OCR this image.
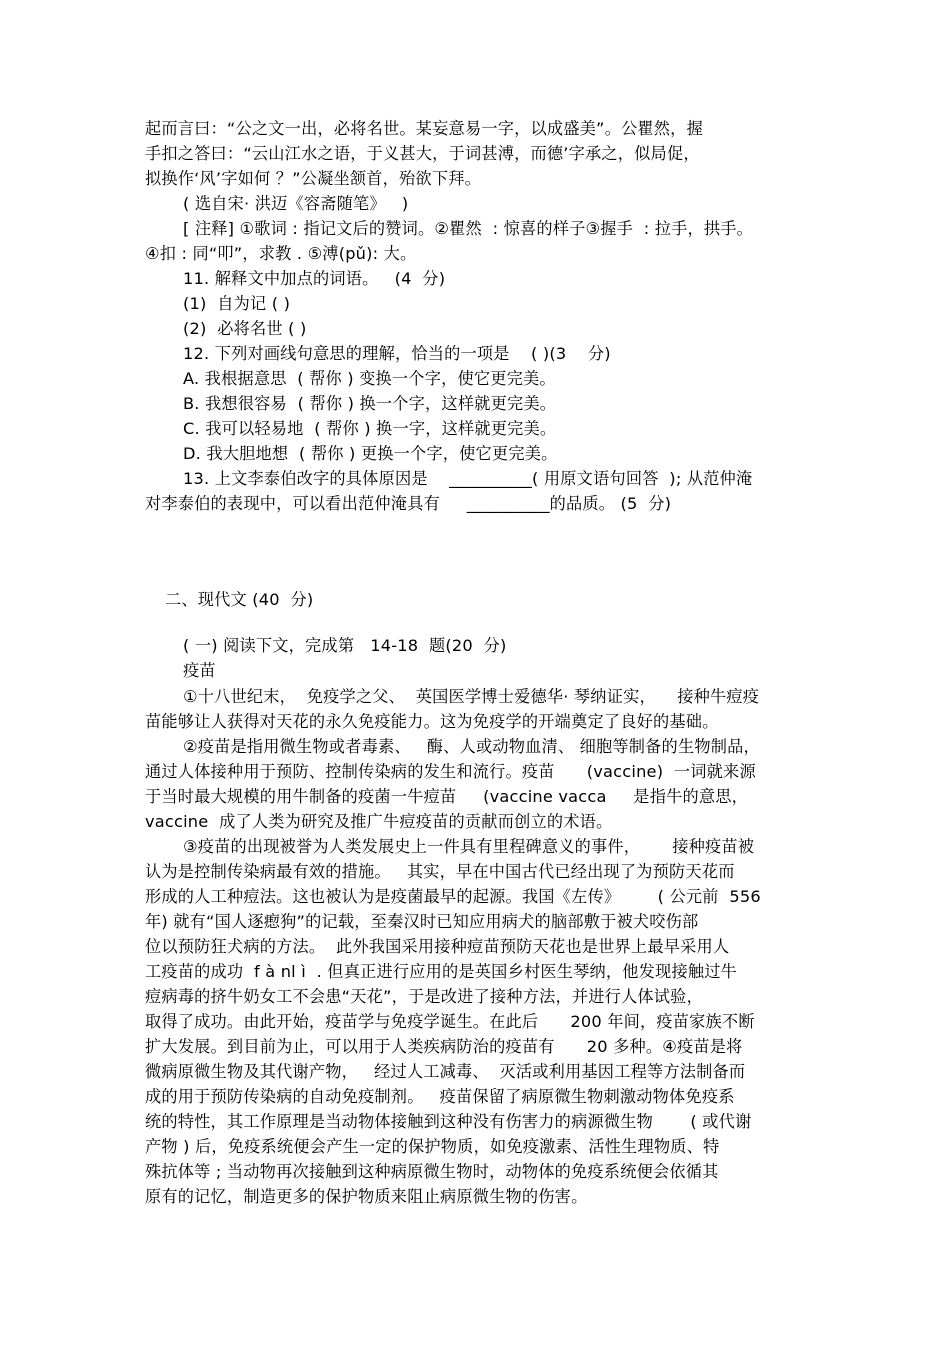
起而言曰：“公之文一出，必将名世。某妄意易一字，以成盛美”。公瞿然，握
手扣之答曰：“云山江水之语，于义甚大，于词甚溥，而德’字承之，似局促，
拟换作‘风’字如何 ？”公凝坐颔首，殆欲下拜。
( 选自宋· 洪迈《容斋随笔》   )
[ 注释] ①歌词 : 指记文后的赞词。②瞿然  : 惊喜的样子③握手  : 拉手，拱手。
④扣 : 同“叩”，求教 . ⑤溥(pǔ): 大。
11. 解释文中加点的词语。   (4  分)
(1)  自为记 ( )
(2)  必将名世 ( )
12. 下列对画线句意思的理解，恰当的一项是    ( )(3    分)
A. 我根据意思  ( 帮你 ) 变换一个字，使它更完美。
B. 我想很容易  ( 帮你 ) 换一个字，这样就更完美。
C. 我可以轻易地  ( 帮你 ) 换一字，这样就更完美。
D. 我大胆地想  ( 帮你 ) 更换一个字，使它更完美。
13. 上文李泰伯改字的具体原因是    __________( 用原文语句回答  ); 从范仲淹
对李泰伯的表现中，可以看出范仲淹具有     __________的品质。 (5  分)
二、现代文 (40  分)
( 一) 阅读下文，完成第   14-18  题(20  分)
疫苗
①十八世纪末，  免疫学之父、  英国医学博士爱德华· 琴纳证实，    接种牛痘疫
苗能够让人获得对天花的永久免疫能力。这为免疫学的开端奠定了良好的基础。
②疫苗是指用微生物或者毒素、   酶、人或动物血清、 细胞等制备的生物制品，
通过人体接种用于预防、控制传染病的发生和流行。疫苗      (vaccine)  一词就来源
于当时最大规模的用牛制备的疫菌一牛痘苗     (vaccine vacca     是指牛的意思，
vaccine  成了人类为研究及推广牛痘疫苗的贡献而创立的术语。
③疫苗的出现被誉为人类发展史上一件具有里程碑意义的事件，      接种疫苗被
认为是控制传染病最有效的措施。   其实，早在中国古代已经出现了为预防天花而
形成的人工种痘法。这也被认为是疫菌最早的起源。我国《左传》       ( 公元前  556
年) 就有“国人逐瘛狗”的记载，至秦汉时已知应用病犬的脑部敷于被犬咬伤部
位以预防狂犬病的方法。  此外我国采用接种痘苗预防天花也是世界上最早采用人
工疫苗的成功  f à nl ì  . 但真正进行应用的是英国乡村医生琴纳，他发现接触过牛
痘病毒的挤牛奶女工不会患“天花”，于是改进了接种方法，并进行人体试验，
取得了成功。由此开始，疫苗学与免疫学诞生。在此后      200 年间，疫苗家族不断
扩大发展。到目前为止，可以用于人类疾病防治的疫苗有      20 多种。④疫苗是将
微病原微生物及其代谢产物，   经过人工减毒、  灭活或利用基因工程等方法制备而
成的用于预防传染病的自动免疫制剂。   疫苗保留了病原微生物刺激动物体免疫系
统的特性，其工作原理是当动物体接触到这种没有伤害力的病源微生物       ( 或代谢
产物 ) 后，免疫系统便会产生一定的保护物质，如免疫激素、活性生理物质、特
殊抗体等 ; 当动物再次接触到这种病原微生物时，动物体的免疫系统便会依循其
原有的记忆，制造更多的保护物质来阻止病原微生物的伤害。
